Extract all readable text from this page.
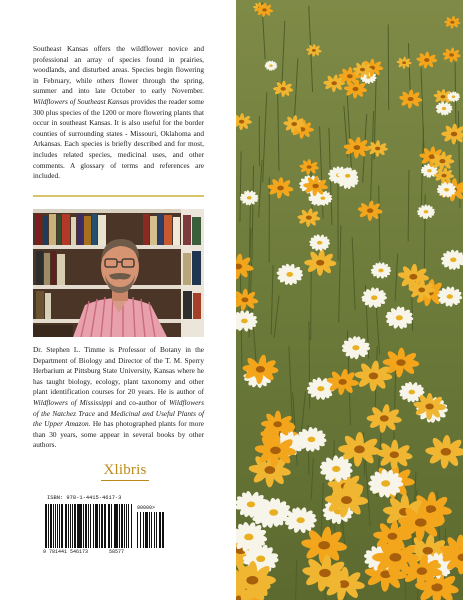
Southeast Kansas offers the wildflower novice and professional an array of species found in prairies, woodlands, and disturbed areas. Species begin flowering in February, while others flower through the spring, summer and into late October to early November. Wildflowers of Southeast Kansas provides the reader some 300 plus species of the 1200 or more flowering plants that occur in southeast Kansas. It is also useful for the border counties of surrounding states - Missouri, Oklahoma and Arkansas. Each species is briefly described and for most, includes related species, medicinal uses, and other comments. A glossary of terms and references are included.

Dr. Stephen L. Timme is Professor of Botany in the Department of Biology and Director of the T. M. Sperry Herbarium at Pittsburg State University, Kansas where he has taught biology, ecology, plant taxonomy and other plant identification courses for 20 years. He is author of Wildflowers of Mississippi and co-author of Wildflowers of the Natchez Trace and Medicinal and Useful Plants of the Upper Amazon. He has photographed plants for more than 30 years, some appear in several books by other authors.

Xlibris
ISBN: 978-1-4415-4617-3
90000>
9 781441 546173	58577
